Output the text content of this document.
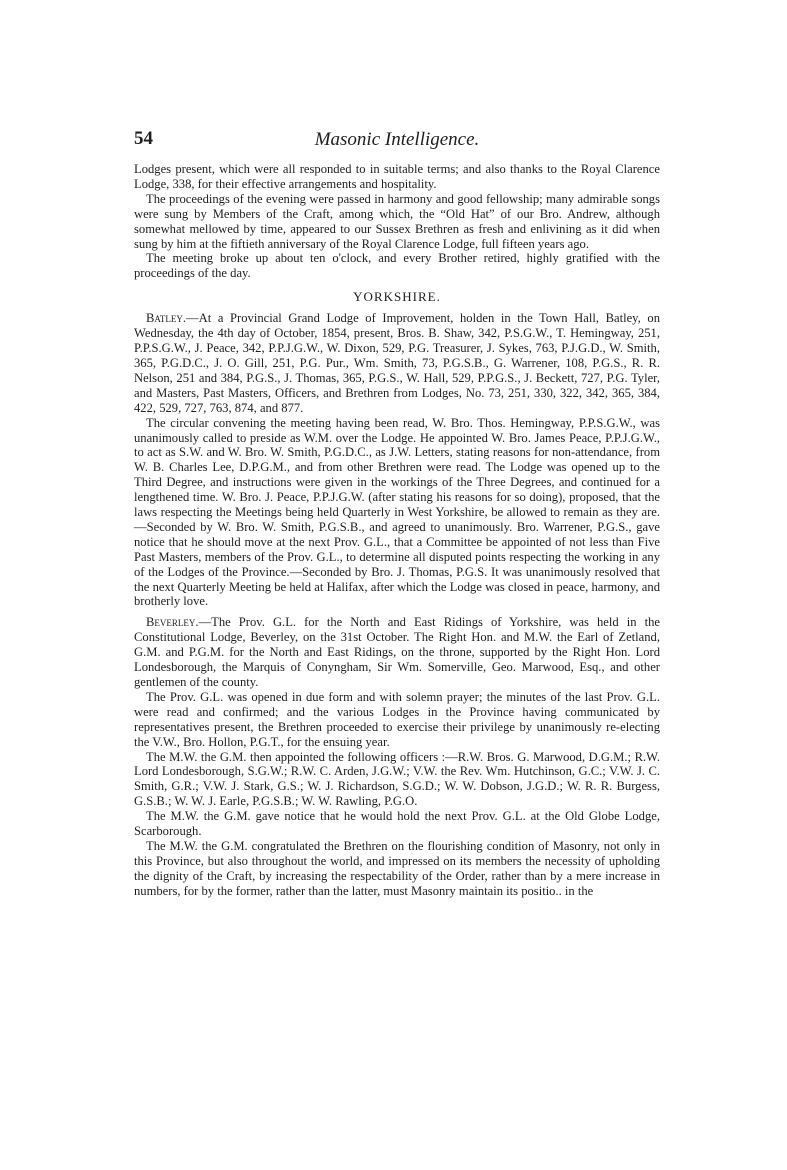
54	Masonic Intelligence.

Lodges present, which were all responded to in suitable terms; and also thanks to the Royal Clarence Lodge, 338, for their effective arrangements and hospitality.

The proceedings of the evening were passed in harmony and good fellowship; many admirable songs were sung by Members of the Craft, among which, the “Old Hat” of our Bro. Andrew, although somewhat mellowed by time, appeared to our Sussex Brethren as fresh and enlivining as it did when sung by him at the fiftieth anniversary of the Royal Clarence Lodge, full fifteen years ago.

The meeting broke up about ten o'clock, and every Brother retired, highly gratified with the proceedings of the day.

YORKSHIRE.

Batley.—At a Provincial Grand Lodge of Improvement, holden in the Town Hall, Batley, on Wednesday, the 4th day of October, 1854, present, Bros. B. Shaw, 342, P.S.G.W., T. Hemingway, 251, P.P.S.G.W., J. Peace, 342, P.P.J.G.W., W. Dixon, 529, P.G. Treasurer, J. Sykes, 763, P.J.G.D., W. Smith, 365, P.G.D.C., J. O. Gill, 251, P.G. Pur., Wm. Smith, 73, P.G.S.B., G. Warrener, 108, P.G.S., R. R. Nelson, 251 and 384, P.G.S., J. Thomas, 365, P.G.S., W. Hall, 529, P.P.G.S., J. Beckett, 727, P.G. Tyler, and Masters, Past Masters, Officers, and Brethren from Lodges, No. 73, 251, 330, 322, 342, 365, 384, 422, 529, 727, 763, 874, and 877.

The circular convening the meeting having been read, W. Bro. Thos. Hemingway, P.P.S.G.W., was unanimously called to preside as W.M. over the Lodge. He appointed W. Bro. James Peace, P.P.J.G.W., to act as S.W. and W. Bro. W. Smith, P.G.D.C., as J.W. Letters, stating reasons for non-attendance, from W. B. Charles Lee, D.P.G.M., and from other Brethren were read. The Lodge was opened up to the Third Degree, and instructions were given in the workings of the Three Degrees, and continued for a lengthened time. W. Bro. J. Peace, P.P.J.G.W. (after stating his reasons for so doing), proposed, that the laws respecting the Meetings being held Quarterly in West Yorkshire, be allowed to remain as they are.—Seconded by W. Bro. W. Smith, P.G.S.B., and agreed to unanimously. Bro. Warrener, P.G.S., gave notice that he should move at the next Prov. G.L., that a Committee be appointed of not less than Five Past Masters, members of the Prov. G.L., to determine all disputed points respecting the working in any of the Lodges of the Province.—Seconded by Bro. J. Thomas, P.G.S. It was unanimously resolved that the next Quarterly Meeting be held at Halifax, after which the Lodge was closed in peace, harmony, and brotherly love.

Beverley.—The Prov. G.L. for the North and East Ridings of Yorkshire, was held in the Constitutional Lodge, Beverley, on the 31st October. The Right Hon. and M.W. the Earl of Zetland, G.M. and P.G.M. for the North and East Ridings, on the throne, supported by the Right Hon. Lord Londesborough, the Marquis of Conyngham, Sir Wm. Somerville, Geo. Marwood, Esq., and other gentlemen of the county.

The Prov. G.L. was opened in due form and with solemn prayer; the minutes of the last Prov. G.L. were read and confirmed; and the various Lodges in the Province having communicated by representatives present, the Brethren proceeded to exercise their privilege by unanimously re-electing the V.W., Bro. Hollon, P.G.T., for the ensuing year.

The M.W. the G.M. then appointed the following officers :—R.W. Bros. G. Marwood, D.G.M.; R.W. Lord Londesborough, S.G.W.; R.W. C. Arden, J.G.W.; V.W. the Rev. Wm. Hutchinson, G.C.; V.W. J. C. Smith, G.R.; V.W. J. Stark, G.S.; W. J. Richardson, S.G.D.; W. W. Dobson, J.G.D.; W. R. R. Burgess, G.S.B.; W. W. J. Earle, P.G.S.B.; W. W. Rawling, P.G.O.

The M.W. the G.M. gave notice that he would hold the next Prov. G.L. at the Old Globe Lodge, Scarborough.

The M.W. the G.M. congratulated the Brethren on the flourishing condition of Masonry, not only in this Province, but also throughout the world, and impressed on its members the necessity of upholding the dignity of the Craft, by increasing the respectability of the Order, rather than by a mere increase in numbers, for by the former, rather than the latter, must Masonry maintain its positio.. in the
